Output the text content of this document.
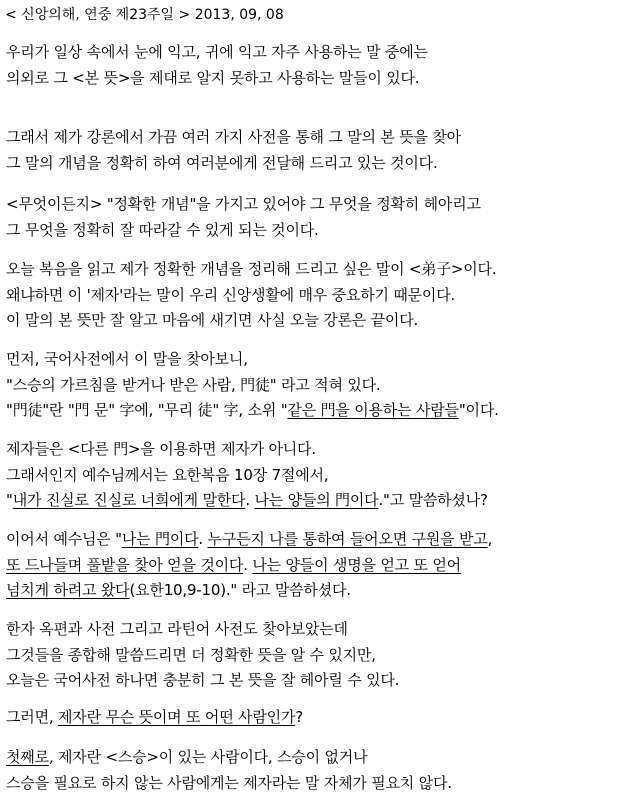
< 신앙의해, 연중 제23주일 > 2013, 09, 08
우리가 일상 속에서 눈에 익고, 귀에 익고 자주 사용하는 말 중에는
의외로 그 <본 뜻>을 제대로 알지 못하고 사용하는 말들이 있다.
그래서 제가 강론에서 가끔 여러 가지 사전을 통해 그 말의 본 뜻을 찾아
그 말의 개념을 정확히 하여 여러분에게 전달해 드리고 있는 것이다.
<무엇이든지> "정확한 개념"을 가지고 있어야 그 무엇을 정확히 헤아리고
그 무엇을 정확히 잘 따라갈 수 있게 되는 것이다.
오늘 복음을 읽고 제가 정확한 개념을 정리해 드리고 싶은 말이 <弟子>이다.
왜냐하면 이 '제자'라는 말이 우리 신앙생활에 매우 중요하기 때문이다.
이 말의 본 뜻만 잘 알고 마음에 새기면 사실 오늘 강론은 끝이다.
먼저, 국어사전에서 이 말을 찾아보니,
"스승의 가르침을 받거나 받은 사람, 門徒" 라고 적혀 있다.
"門徒"란 "門 문" 字에, "무리 徒" 字, 소위 "같은 門을 이용하는 사람들"이다.
제자들은 <다른 門>을 이용하면 제자가 아니다.
그래서인지 예수님께서는 요한복음 10장 7절에서,
"내가 진실로 진실로 너희에게 말한다. 나는 양들의 門이다."고 말씀하셨나?
이어서 예수님은 "나는 門이다. 누구든지 나를 통하여 들어오면 구원을 받고,
또 드나들며 풀밭을 찾아 얻을 것이다. 나는 양들이 생명을 얻고 또 얻어
넘치게 하려고 왔다(요한10,9-10)." 라고 말씀하셨다.
한자 옥편과 사전 그리고 라틴어 사전도 찾아보았는데
그것들을 종합해 말씀드리면 더 정확한 뜻을 알 수 있지만,
오늘은 국어사전 하나면 충분히 그 본 뜻을 잘 헤아릴 수 있다.
그러면, 제자란 무슨 뜻이며 또 어떤 사람인가?
첫째로, 제자란 <스승>이 있는 사람이다, 스승이 없거나
스승을 필요로 하지 않는 사람에게는 제자라는 말 자체가 필요치 않다.
